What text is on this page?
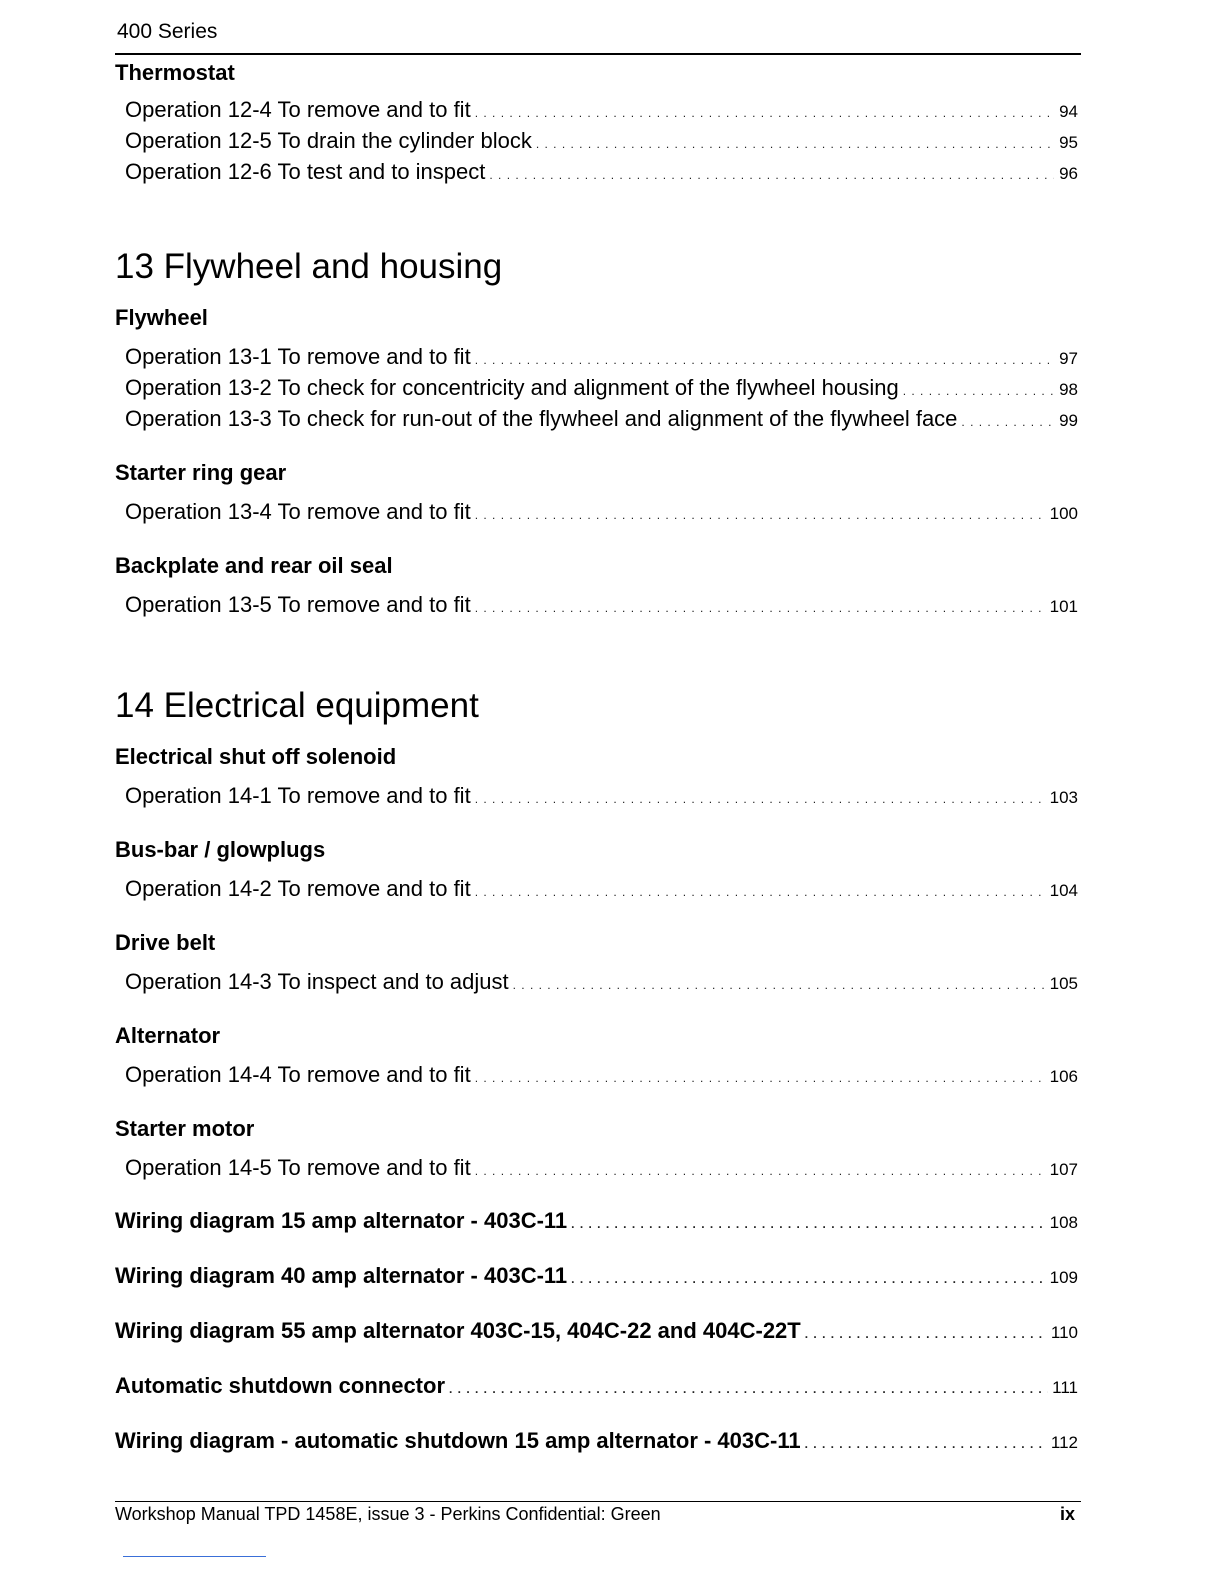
400 Series
Thermostat
Operation 12-4 To remove and to fit . . .	94
Operation 12-5 To drain the cylinder block . . .	95
Operation 12-6 To test and to inspect . . .	96
13 Flywheel and housing
Flywheel
Operation 13-1 To remove and to fit . . .	97
Operation 13-2 To check for concentricity and alignment of the flywheel housing . . .	98
Operation 13-3 To check for run-out of the flywheel and alignment of the flywheel face . . .	99
Starter ring gear
Operation 13-4 To remove and to fit . . .	100
Backplate and rear oil seal
Operation 13-5 To remove and to fit . . .	101
14 Electrical equipment
Electrical shut off solenoid
Operation 14-1 To remove and to fit . . .	103
Bus-bar / glowplugs
Operation 14-2 To remove and to fit . . .	104
Drive belt
Operation 14-3 To inspect and to adjust . . .	105
Alternator
Operation 14-4 To remove and to fit . . .	106
Starter motor
Operation 14-5 To remove and to fit . . .	107
Wiring diagram 15 amp alternator - 403C-11 . . .	108
Wiring diagram 40 amp alternator - 403C-11 . . .	109
Wiring diagram 55 amp alternator 403C-15, 404C-22 and 404C-22T . . .	110
Automatic shutdown connector . . .	111
Wiring diagram - automatic shutdown 15 amp alternator - 403C-11 . . .	112
Workshop Manual TPD 1458E, issue 3 - Perkins Confidential: Green	ix
